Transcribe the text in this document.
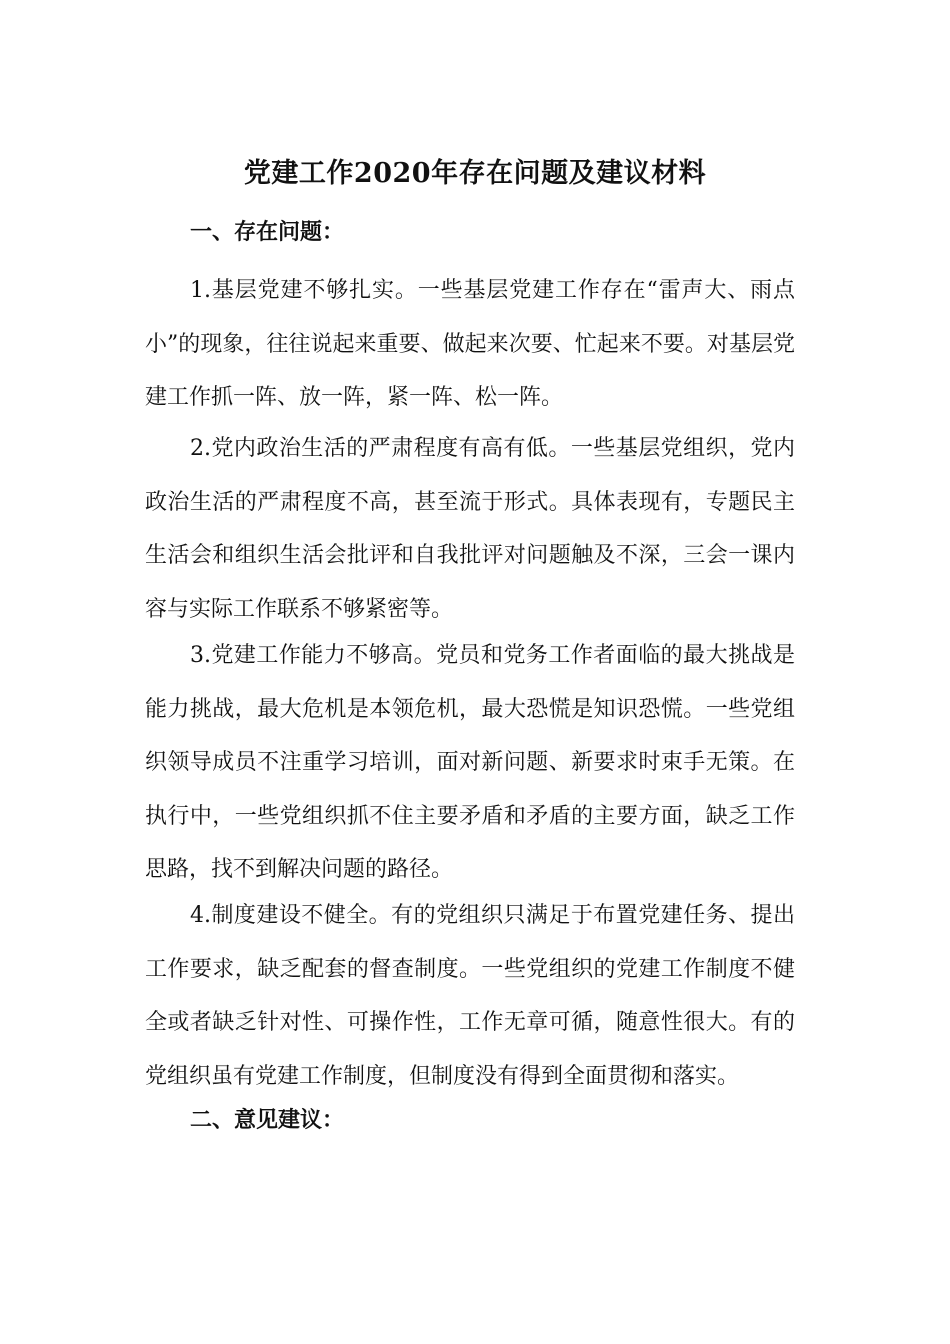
党建工作2020年存在问题及建议材料
一、存在问题：

1.基层党建不够扎实。一些基层党建工作存在“雷声大、雨点小”的现象，往往说起来重要、做起来次要、忙起来不要。对基层党建工作抓一阵、放一阵，紧一阵、松一阵。

2.党内政治生活的严肃程度有高有低。一些基层党组织，党内政治生活的严肃程度不高，甚至流于形式。具体表现有，专题民主生活会和组织生活会批评和自我批评对问题触及不深，三会一课内容与实际工作联系不够紧密等。

3.党建工作能力不够高。党员和党务工作者面临的最大挑战是能力挑战，最大危机是本领危机，最大恐慌是知识恐慌。一些党组织领导成员不注重学习培训，面对新问题、新要求时束手无策。在执行中，一些党组织抓不住主要矛盾和矛盾的主要方面，缺乏工作思路，找不到解决问题的路径。

4.制度建设不健全。有的党组织只满足于布置党建任务、提出工作要求，缺乏配套的督查制度。一些党组织的党建工作制度不健全或者缺乏针对性、可操作性，工作无章可循，随意性很大。有的党组织虽有党建工作制度，但制度没有得到全面贯彻和落实。

二、意见建议：
